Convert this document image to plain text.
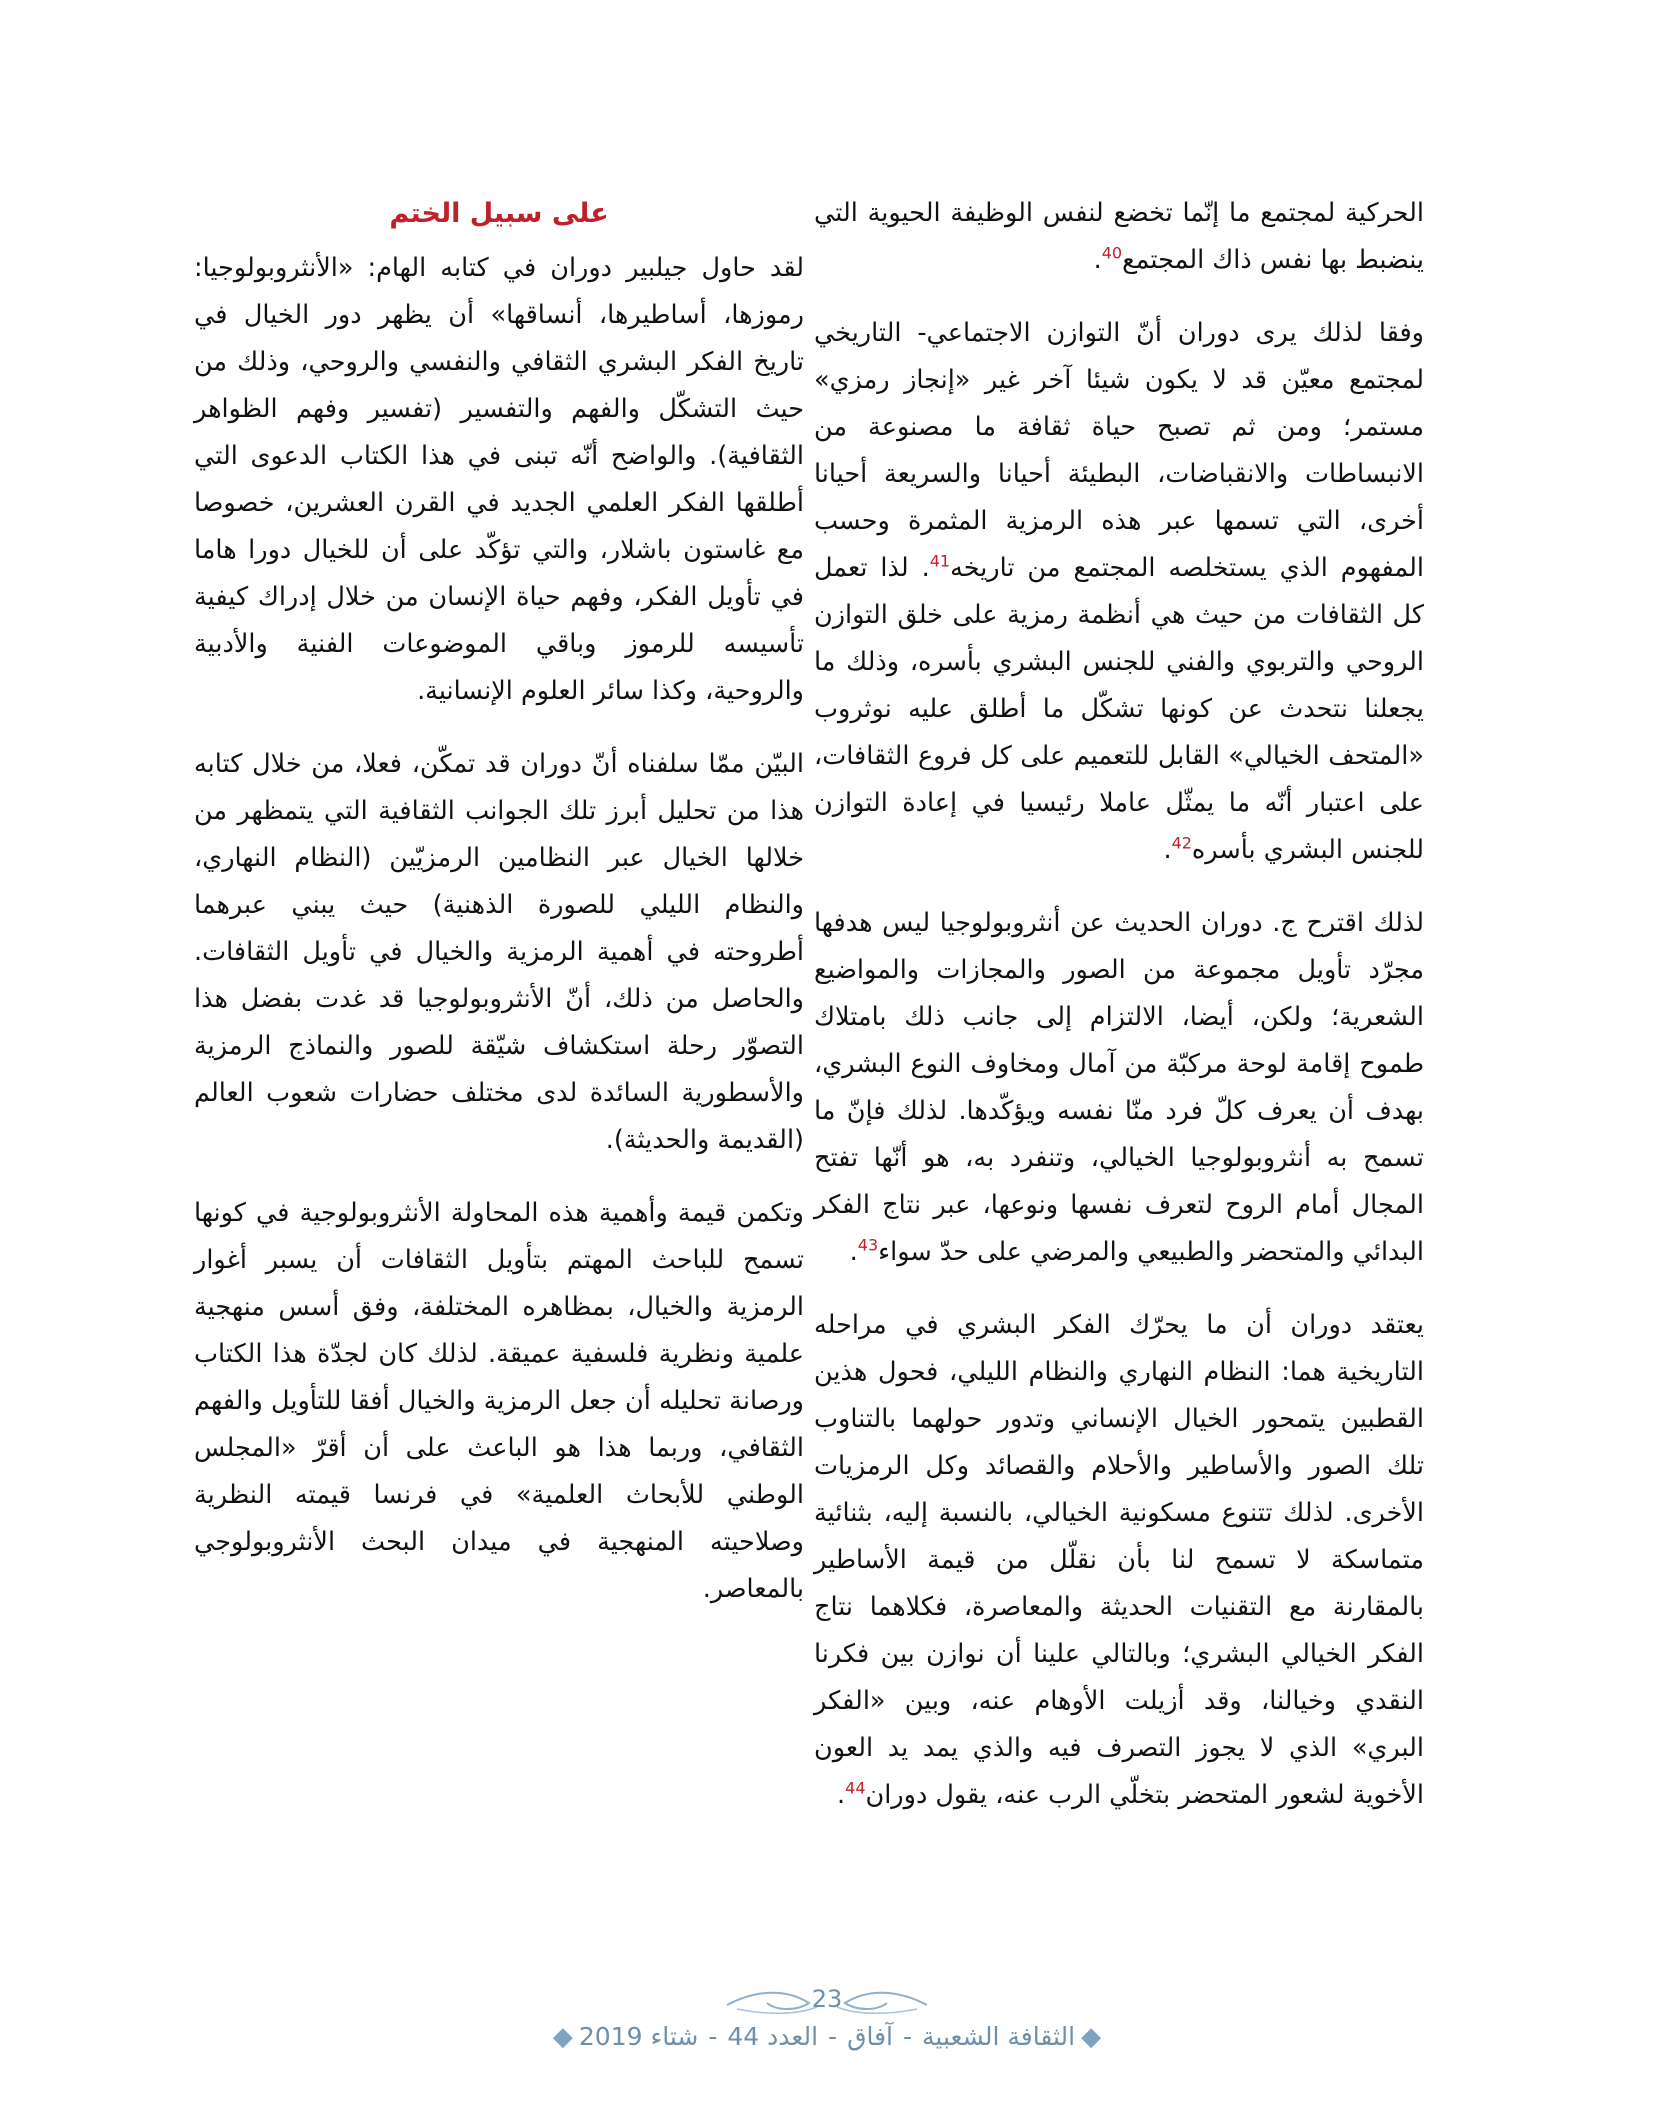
الحركية لمجتمع ما إنّما تخضع لنفس الوظيفة الحيوية التي ينضبط بها نفس ذاك المجتمع$^{40}$.

وفقا لذلك يرى دوران أنّ التوازن الاجتماعي- التاريخي لمجتمع معيّن قد لا يكون شيئا آخر غير «إنجاز رمزي» مستمر؛ ومن ثم تصبح حياة ثقافة ما مصنوعة من الانبساطات والانقباضات، البطيئة أحيانا والسريعة أحيانا أخرى، التي تسمها عبر هذه الرمزية المثمرة وحسب المفهوم الذي يستخلصه المجتمع من تاريخه$^{41}$. لذا تعمل كل الثقافات من حيث هي أنظمة رمزية على خلق التوازن الروحي والتربوي والفني للجنس البشري بأسره، وذلك ما يجعلنا نتحدث عن كونها تشكّل ما أطلق عليه نوثروب «المتحف الخيالي» القابل للتعميم على كل فروع الثقافات، على اعتبار أنّه ما يمثّل عاملا رئيسيا في إعادة التوازن للجنس البشري بأسره$^{42}$.

لذلك اقترح ج. دوران الحديث عن أنثروبولوجيا ليس هدفها مجرّد تأويل مجموعة من الصور والمجازات والمواضيع الشعرية؛ ولكن، أيضا، الالتزام إلى جانب ذلك بامتلاك طموح إقامة لوحة مركبّة من آمال ومخاوف النوع البشري، بهدف أن يعرف كلّ فرد منّا نفسه ويؤكّدها. لذلك فإنّ ما تسمح به أنثروبولوجيا الخيالي، وتنفرد به، هو أنّها تفتح المجال أمام الروح لتعرف نفسها ونوعها، عبر نتاج الفكر البدائي والمتحضر والطبيعي والمرضي على حدّ سواء$^{43}$.

يعتقد دوران أن ما يحرّك الفكر البشري في مراحله التاريخية هما: النظام النهاري والنظام الليلي، فحول هذين القطبين يتمحور الخيال الإنساني وتدور حولهما بالتناوب تلك الصور والأساطير والأحلام والقصائد وكل الرمزيات الأخرى. لذلك تتنوع مسكونية الخيالي، بالنسبة إليه، بثنائية متماسكة لا تسمح لنا بأن نقلّل من قيمة الأساطير بالمقارنة مع التقنيات الحديثة والمعاصرة، فكلاهما نتاج الفكر الخيالي البشري؛ وبالتالي علينا أن نوازن بين فكرنا النقدي وخيالنا، وقد أزيلت الأوهام عنه، وبين «الفكر البري» الذي لا يجوز التصرف فيه والذي يمد يد العون الأخوية لشعور المتحضر بتخلّي الرب عنه، يقول دوران$^{44}$.

على سبيل الختم

لقد حاول جيلبير دوران في كتابه الهام: «الأنثروبولوجيا: رموزها، أساطيرها، أنساقها» أن يظهر دور الخيال في تاريخ الفكر البشري الثقافي والنفسي والروحي، وذلك من حيث التشكّل والفهم والتفسير (تفسير وفهم الظواهر الثقافية). والواضح أنّه تبنى في هذا الكتاب الدعوى التي أطلقها الفكر العلمي الجديد في القرن العشرين، خصوصا مع غاستون باشلار، والتي تؤكّد على أن للخيال دورا هاما في تأويل الفكر، وفهم حياة الإنسان من خلال إدراك كيفية تأسيسه للرموز وباقي الموضوعات الفنية والأدبية والروحية، وكذا سائر العلوم الإنسانية.

البيّن ممّا سلفناه أنّ دوران قد تمكّن، فعلا، من خلال كتابه هذا من تحليل أبرز تلك الجوانب الثقافية التي يتمظهر من خلالها الخيال عبر النظامين الرمزيّين (النظام النهاري، والنظام الليلي للصورة الذهنية) حيث يبني عبرهما أطروحته في أهمية الرمزية والخيال في تأويل الثقافات. والحاصل من ذلك، أنّ الأنثروبولوجيا قد غدت بفضل هذا التصوّر رحلة استكشاف شيّقة للصور والنماذج الرمزية والأسطورية السائدة لدى مختلف حضارات شعوب العالم (القديمة والحديثة).

وتكمن قيمة وأهمية هذه المحاولة الأنثروبولوجية في كونها تسمح للباحث المهتم بتأويل الثقافات أن يسبر أغوار الرمزية والخيال، بمظاهره المختلفة، وفق أسس منهجية علمية ونظرية فلسفية عميقة. لذلك كان لجدّة هذا الكتاب ورصانة تحليله أن جعل الرمزية والخيال أفقا للتأويل والفهم الثقافي، وربما هذا هو الباعث على أن أقرّ «المجلس الوطني للأبحاث العلمية» في فرنسا قيمته النظرية وصلاحيته المنهجية في ميدان البحث الأنثروبولوجي بالمعاصر.

23
◆الثقافة الشعبية-آفاق-العدد 44-شتاء 2019◆
